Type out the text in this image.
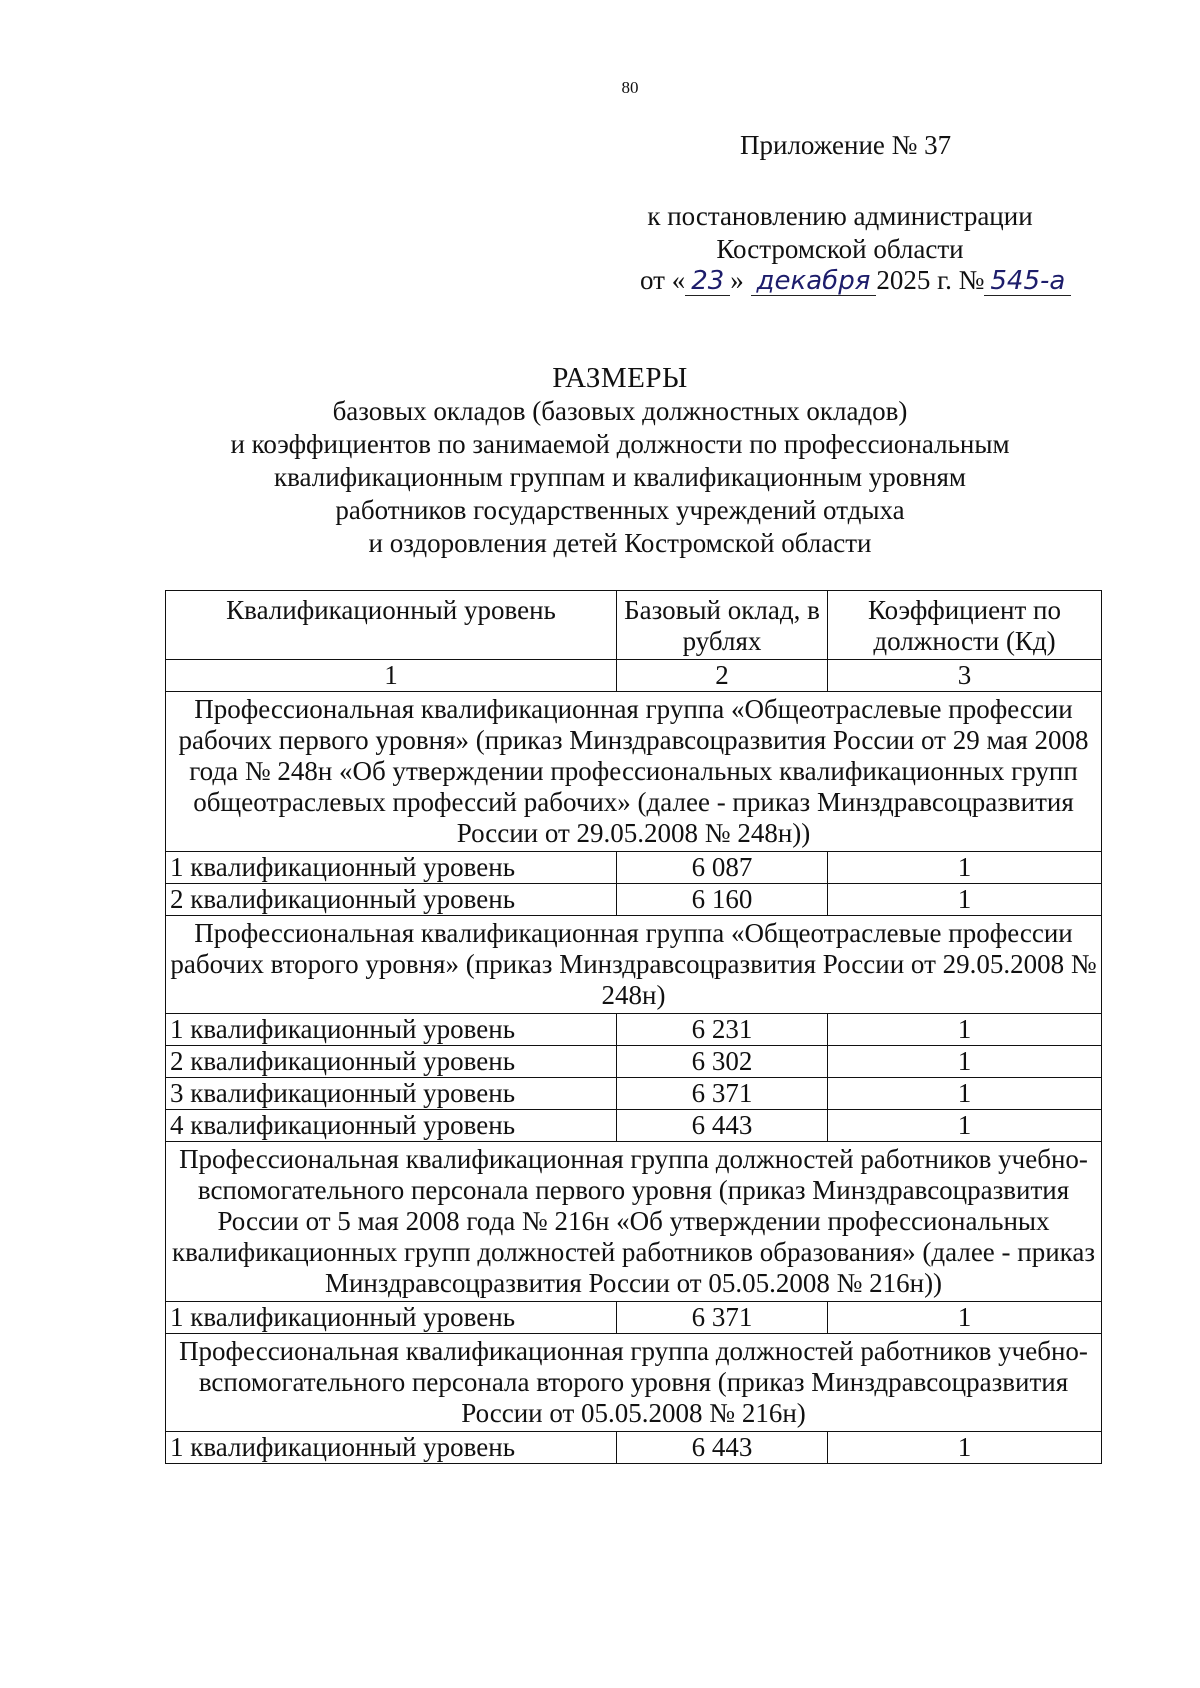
80
Приложение № 37
к постановлению администрации
Костромской области
от « 23 » декабря 2025 г. № 545-а
РАЗМЕРЫ
базовых окладов (базовых должностных окладов)
и коэффициентов по занимаемой должности по профессиональным
квалификационным группам и квалификационным уровням
работников государственных учреждений отдыха
и оздоровления детей Костромской области
Квалификационный уровень	Базовый оклад, в рублях	Коэффициент по должности (Кд)
1	2	3
Профессиональная квалификационная группа «Общеотраслевые профессии рабочих первого уровня» (приказ Минздравсоцразвития России от 29 мая 2008 года № 248н «Об утверждении профессиональных квалификационных групп общеотраслевых профессий рабочих» (далее - приказ Минздравсоцразвития России от 29.05.2008 № 248н))		
1 квалификационный уровень	6 087	1
2 квалификационный уровень	6 160	1
Профессиональная квалификационная группа «Общеотраслевые профессии рабочих второго уровня» (приказ Минздравсоцразвития России от 29.05.2008 № 248н)		
1 квалификационный уровень	6 231	1
2 квалификационный уровень	6 302	1
3 квалификационный уровень	6 371	1
4 квалификационный уровень	6 443	1
Профессиональная квалификационная группа должностей работников учебно-вспомогательного персонала первого уровня (приказ Минздравсоцразвития России от 5 мая 2008 года № 216н «Об утверждении профессиональных квалификационных групп должностей работников образования» (далее - приказ Минздравсоцразвития России от 05.05.2008 № 216н))		
1 квалификационный уровень	6 371	1
Профессиональная квалификационная группа должностей работников учебно-вспомогательного персонала второго уровня (приказ Минздравсоцразвития России от 05.05.2008 № 216н)		
1 квалификационный уровень	6 443	1
